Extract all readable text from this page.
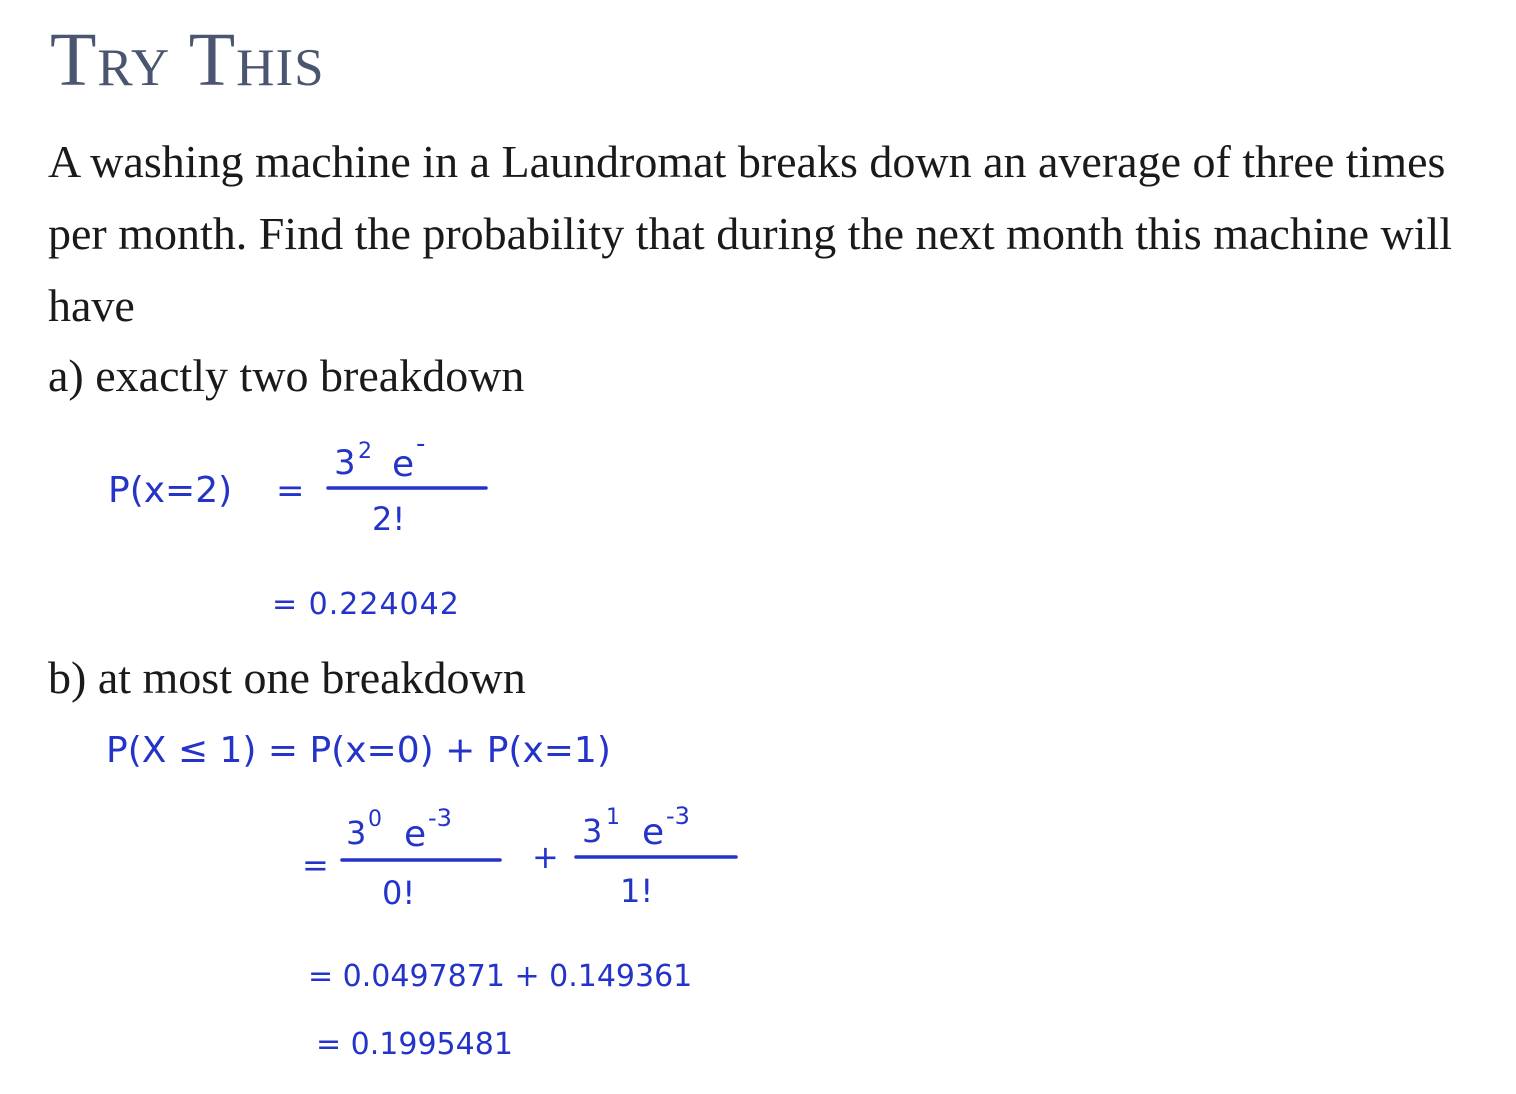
Try This

A washing machine in a Laundromat breaks down an average of three times per month. Find the probability that during the next month this machine will have

a) exactly two breakdown

P(x=2) =
3 2 e -
2!
= 0.224042

b) at most one breakdown

P(X ≤ 1) = P(x=0) + P(x=1)
=
3 0 e -3
0!
+
3 1 e -3
1!
= 0.0497871 + 0.149361
= 0.1995481
